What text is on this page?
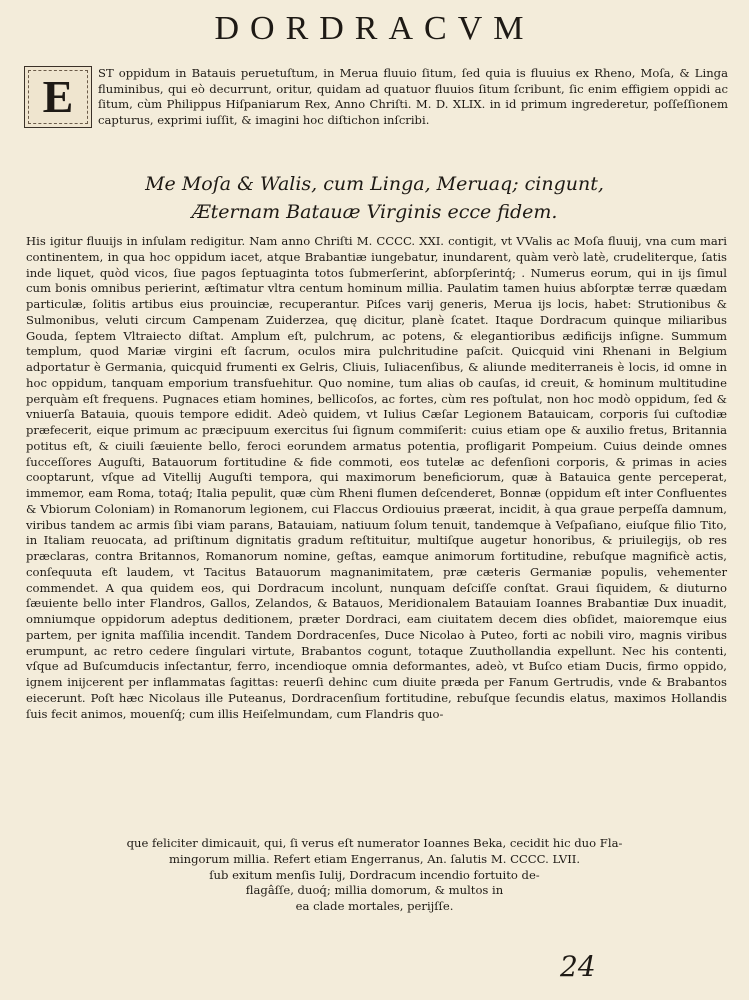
DORDRACVM
E	ST oppidum in Batauis peruetuſtum, in Merua fluuio ſitum, ſed quia is fluuius ex Rheno, Moſa, & Linga fluminibus, qui eò decurrunt, oritur, quidam ad quatuor fluuios ſitum ſcribunt, ſic enim effigiem oppidi ac ſitum, cùm Philippus Hiſpaniarum Rex, Anno Chriſti. M. D. XLIX. in id primum ingrederetur, poſſeſſionem capturus, exprimi iuſſit, & imagini hoc diſtichon inſcribi.

Me Moſa & Walis, cum Linga, Meruaq; cingunt,

Æternam Batauæ Virginis ecce fidem.

His igitur fluuijs in inſulam redigitur. Nam anno Chriſti M. CCCC. XXI. contigit, vt VValis ac Moſa fluuij, vna cum mari continentem, in qua hoc oppidum iacet, atque Brabantiæ iungebatur, inundarent, quàm verò latè, crudeliterque, ſatis inde liquet, quòd vicos, ſiue pagos ſeptuaginta totos ſubmerſerint, abſorpſerintq́; . Numerus eorum, qui in ijs ſimul cum bonis omnibus perierint, æſtimatur vltra centum hominum millia. Paulatim tamen huius abſorptæ terræ quædam particulæ, ſolitis artibus eius prouinciæ, recuperantur. Piſces varij generis, Merua ijs locis, habet: Strutionibus & Sulmonibus, veluti circum Campenam Zuiderzea, quę dicitur, planè ſcatet. Itaque Dordracum quinque miliaribus Gouda, ſeptem Vltraiecto diſtat. Amplum eſt, pulchrum, ac potens, & elegantioribus ædificijs inſigne. Summum templum, quod Mariæ virgini eſt ſacrum, oculos mira pulchritudine paſcit. Quicquid vini Rhenani in Belgium adportatur è Germania, quicquid frumenti ex Gelris, Cliuis, Iuliacenſibus, & aliunde mediterraneis è locis, id omne in hoc oppidum, tanquam emporium transfuehitur. Quo nomine, tum alias ob cauſas, id creuit, & hominum multitudine perquàm eſt frequens. Pugnaces etiam homines, bellicoſos, ac fortes, cùm res poſtulat, non hoc modò oppidum, ſed & vniuerſa Batauia, quouis tempore edidit. Adeò quidem, vt Iulius Cæſar Legionem Batauicam, corporis ſui cuſtodiæ præfecerit, eique primum ac præcipuum exercitus ſui ſignum commiſerit: cuius etiam ope & auxilio fretus, Britannia potitus eſt, & ciuili ſæuiente bello, feroci eorundem armatus potentia, profligarit Pompeium. Cuius deinde omnes ſucceſſores Auguſti, Batauorum fortitudine & fide commoti, eos tutelæ ac defenſioni corporis, & primas in acies cooptarunt, vſque ad Vitellij Auguſti tempora, qui maximorum beneficiorum, quæ à Batauica gente perceperat, immemor, eam Roma, totaq́; Italia pepulit, quæ cùm Rheni flumen deſcenderet, Bonnæ (oppidum eſt inter Confluentes & Vbiorum Coloniam) in Romanorum legionem, cui Flaccus Ordiouius præerat, incidit, à qua graue perpeſſa damnum, viribus tandem ac armis ſibi viam parans, Batauiam, natiuum ſolum tenuit, tandemque à Veſpaſiano, eiuſque filio Tito, in Italiam reuocata, ad priſtinum dignitatis gradum reſtituitur, multiſque augetur honoribus, & priuilegijs, ob res præclaras, contra Britannos, Romanorum nomine, geſtas, eamque animorum fortitudine, rebuſque magnificè actis, conſequuta eſt laudem, vt Tacitus Batauorum magnanimitatem, præ cæteris Germaniæ populis, vehementer commendet. A qua quidem eos, qui Dordracum incolunt, nunquam deſciſſe conſtat. Graui ſiquidem, & diuturno ſæuiente bello inter Flandros, Gallos, Zelandos, & Batauos, Meridionalem Batauiam Ioannes Brabantiæ Dux inuadit, omniumque oppidorum adeptus deditionem, præter Dordraci, eam ciuitatem decem dies obſidet, maioremque eius partem, per ignita maſſilia incendit. Tandem Dordracenſes, Duce Nicolao à Puteo, forti ac nobili viro, magnis viribus erumpunt, ac retro cedere ſingulari virtute, Brabantos cogunt, totaque Zuuthollandia expellunt. Nec his contenti, vſque ad Buſcumducis inſectantur, ferro, incendioque omnia deformantes, adeò, vt Buſco etiam Ducis, firmo oppido, ignem inijcerent per inflammatas ſagittas: reuerſi dehinc cum diuite præda per Fanum Gertrudis, vnde & Brabantos eiecerunt. Poſt hæc Nicolaus ille Puteanus, Dordracenſium fortitudine, rebuſque ſecundis elatus, maximos Hollandis ſuis fecit animos, mouenſq́; cum illis Heiſelmundam, cum Flandris quo-

que feliciter dimicauit, qui, ſi verus eſt numerator Ioannes Beka, cecidit hic duo Fla-

mingorum millia. Refert etiam Engerranus, An. ſalutis M. CCCC. LVII.

ſub exitum menſis Iulij, Dordracum incendio fortuito de-

flagâſſe, duoq́; millia domorum, & multos in

ea clade mortales, perijſſe.

24
